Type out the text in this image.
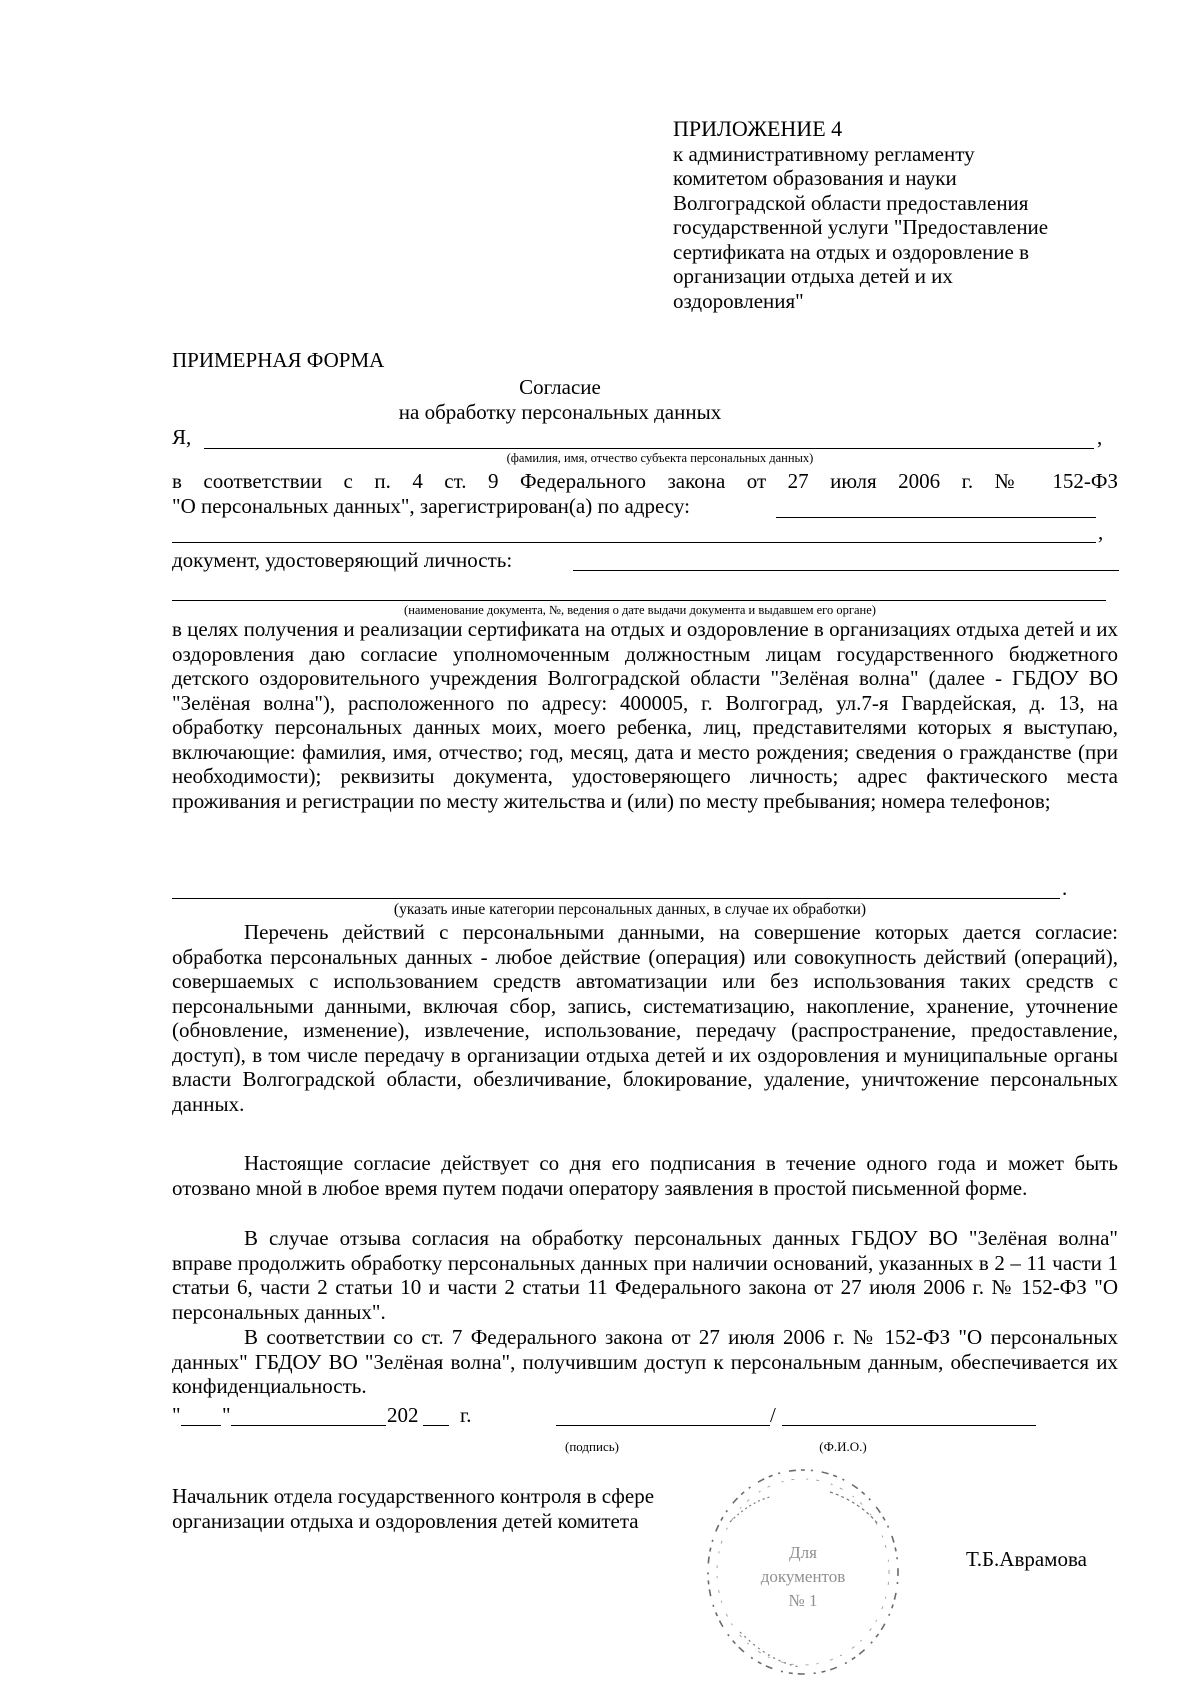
ПРИЛОЖЕНИЕ 4
к административному регламенту
комитетом образования и науки
Волгоградской области предоставления
государственной услуги "Предоставление
сертификата на отдых и оздоровление в
организации отдыха детей и их
оздоровления"
ПРИМЕРНАЯ ФОРМА
Согласие
на обработку персональных данных
Я,	,
(фамилия, имя, отчество субъекта персональных данных)
в соответствии с п. 4 ст. 9 Федерального закона от 27 июля 2006 г. № 152-ФЗ
"О персональных данных", зарегистрирован(а) по адресу:
,
документ, удостоверяющий личность:
(наименование документа, №, ведения о дате выдачи документа и выдавшем его органе)
в целях получения и реализации сертификата на отдых и оздоровление в организациях отдыха детей и их оздоровления даю согласие уполномоченным должностным лицам государственного бюджетного детского оздоровительного учреждения Волгоградской области "Зелёная волна" (далее - ГБДОУ ВО "Зелёная волна"), расположенного по адресу: 400005, г. Волгоград, ул.7-я Гвардейская, д. 13, на обработку персональных данных моих, моего ребенка, лиц, представителями которых я выступаю, включающие: фамилия, имя, отчество; год, месяц, дата и место рождения; сведения о гражданстве (при необходимости); реквизиты документа, удостоверяющего личность; адрес фактического места проживания и регистрации по месту жительства и (или) по месту пребывания; номера телефонов;
.
(указать иные категории персональных данных, в случае их обработки)
Перечень действий с персональными данными, на совершение которых дается согласие: обработка персональных данных - любое действие (операция) или совокупность действий (операций), совершаемых с использованием средств автоматизации или без использования таких средств с персональными данными, включая сбор, запись, систематизацию, накопление, хранение, уточнение (обновление, изменение), извлечение, использование, передачу (распространение, предоставление, доступ), в том числе передачу в организации отдыха детей и их оздоровления и муниципальные органы власти Волгоградской области, обезличивание, блокирование, удаление, уничтожение персональных данных.
Настоящие согласие действует со дня его подписания в течение одного года и может быть отозвано мной в любое время путем подачи оператору заявления в простой письменной форме.
В случае отзыва согласия на обработку персональных данных ГБДОУ ВО "Зелёная волна" вправе продолжить обработку персональных данных при наличии оснований, указанных в 2 – 11 части 1 статьи 6, части 2 статьи 10 и части 2 статьи 11 Федерального закона от 27 июля 2006 г. № 152-ФЗ "О персональных данных".
В соответствии со ст. 7 Федерального закона от 27 июля 2006 г. № 152-ФЗ "О персональных данных" ГБДОУ ВО "Зелёная волна", получившим доступ к персональным данным, обеспечивается их конфиденциальность.
" "	202 г.	/
(подпись)	(Ф.И.О.)
Начальник отдела государственного контроля в сфере организации отдыха и оздоровления детей комитета
Т.Б.Аврамова
Для
документов
№ 1
